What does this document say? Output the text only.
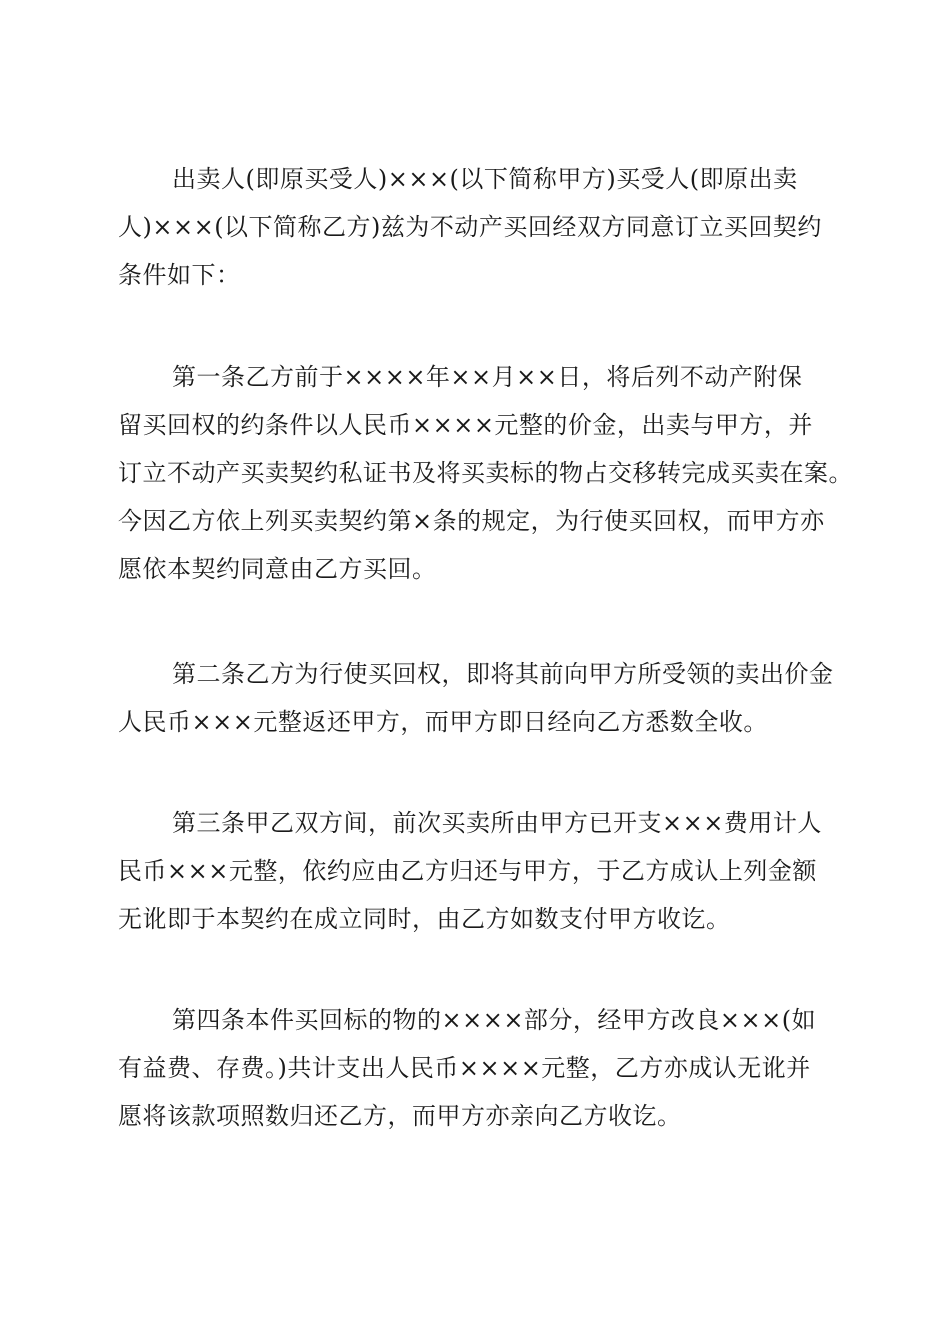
出卖人(即原买受人)×××(以下简称甲方)买受人(即原出卖
人)×××(以下简称乙方)兹为不动产买回经双方同意订立买回契约
条件如下：
第一条乙方前于××××年××月××日，将后列不动产附保
留买回权的约条件以人民币××××元整的价金，出卖与甲方，并
订立不动产买卖契约私证书及将买卖标的物占交移转完成买卖在案。
今因乙方依上列买卖契约第×条的规定，为行使买回权，而甲方亦
愿依本契约同意由乙方买回。
第二条乙方为行使买回权，即将其前向甲方所受领的卖出价金
人民币×××元整返还甲方，而甲方即日经向乙方悉数全收。
第三条甲乙双方间，前次买卖所由甲方已开支×××费用计人
民币×××元整，依约应由乙方归还与甲方，于乙方成认上列金额
无讹即于本契约在成立同时，由乙方如数支付甲方收讫。
第四条本件买回标的物的××××部分，经甲方改良×××(如
有益费、存费。)共计支出人民币××××元整，乙方亦成认无讹并
愿将该款项照数归还乙方，而甲方亦亲向乙方收讫。
